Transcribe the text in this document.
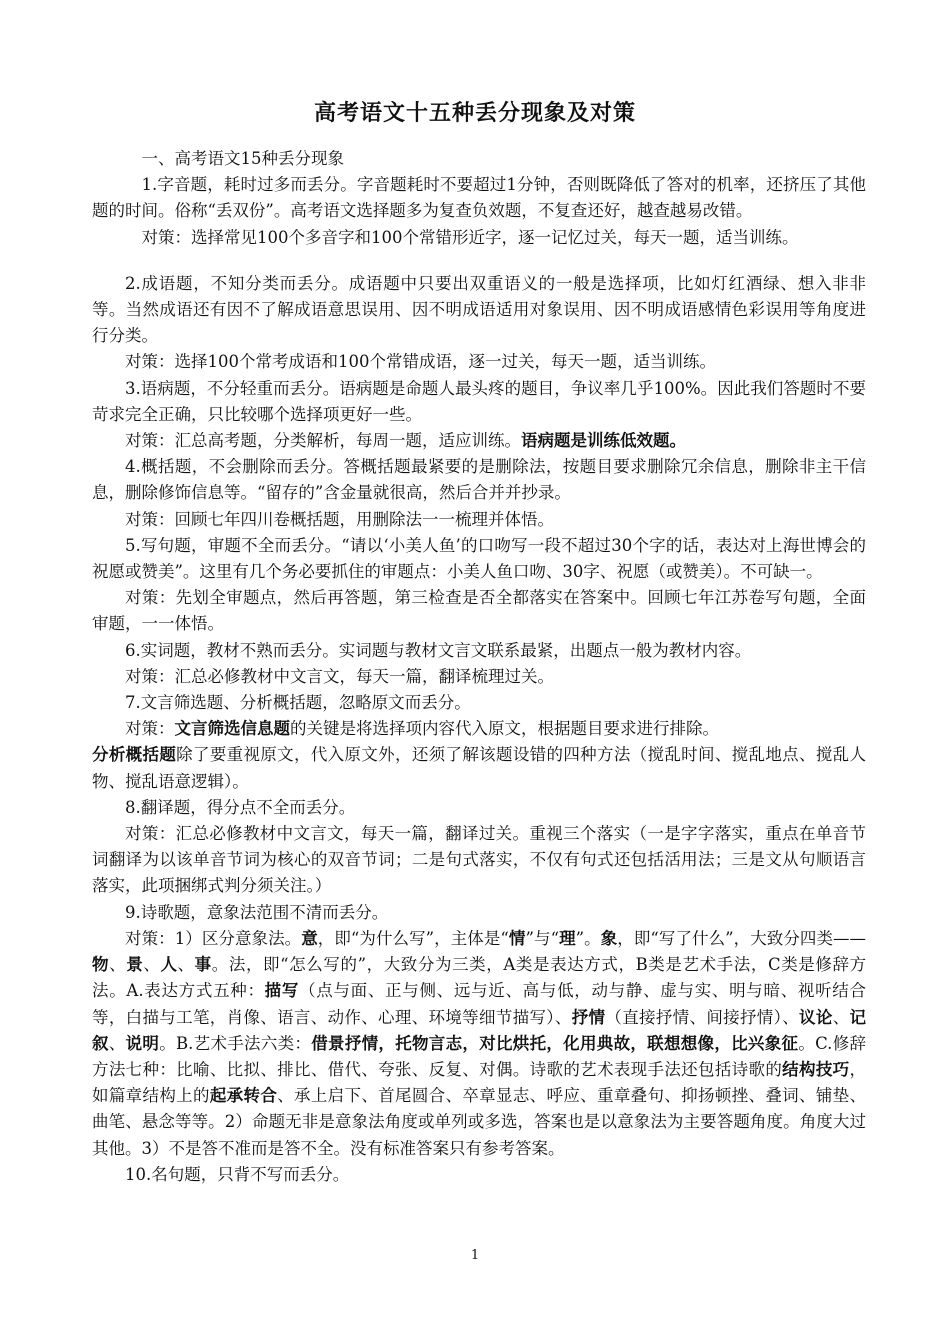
高考语文十五种丢分现象及对策

一、高考语文15种丢分现象

1.字音题，耗时过多而丢分。字音题耗时不要超过1分钟，否则既降低了答对的机率，还挤压了其他题的时间。俗称“丢双份”。高考语文选择题多为复查负效题，不复查还好，越查越易改错。

对策：选择常见100个多音字和100个常错形近字，逐一记忆过关，每天一题，适当训练。

2.成语题，不知分类而丢分。成语题中只要出双重语义的一般是选择项，比如灯红酒绿、想入非非等。当然成语还有因不了解成语意思误用、因不明成语适用对象误用、因不明成语感情色彩误用等角度进行分类。

对策：选择100个常考成语和100个常错成语，逐一过关，每天一题，适当训练。

3.语病题，不分轻重而丢分。语病题是命题人最头疼的题目，争议率几乎100%。因此我们答题时不要苛求完全正确，只比较哪个选择项更好一些。

对策：汇总高考题，分类解析，每周一题，适应训练。语病题是训练低效题。

4.概括题，不会删除而丢分。答概括题最紧要的是删除法，按题目要求删除冗余信息，删除非主干信息，删除修饰信息等。“留存的”含金量就很高，然后合并并抄录。

对策：回顾七年四川卷概括题，用删除法一一梳理并体悟。

5.写句题，审题不全而丢分。“请以‘小美人鱼’的口吻写一段不超过30个字的话，表达对上海世博会的祝愿或赞美”。这里有几个务必要抓住的审题点：小美人鱼口吻、30字、祝愿（或赞美）。不可缺一。

对策：先划全审题点，然后再答题，第三检查是否全都落实在答案中。回顾七年江苏卷写句题，全面审题，一一体悟。

6.实词题，教材不熟而丢分。实词题与教材文言文联系最紧，出题点一般为教材内容。

对策：汇总必修教材中文言文，每天一篇，翻译梳理过关。

7.文言筛选题、分析概括题，忽略原文而丢分。

对策：文言筛选信息题的关键是将选择项内容代入原文，根据题目要求进行排除。

分析概括题除了要重视原文，代入原文外，还须了解该题设错的四种方法（搅乱时间、搅乱地点、搅乱人物、搅乱语意逻辑）。

8.翻译题，得分点不全而丢分。

对策：汇总必修教材中文言文，每天一篇，翻译过关。重视三个落实（一是字字落实，重点在单音节词翻译为以该单音节词为核心的双音节词；二是句式落实，不仅有句式还包括活用法；三是文从句顺语言落实，此项捆绑式判分须关注。）

9.诗歌题，意象法范围不清而丢分。

对策：1）区分意象法。意，即“为什么写”，主体是“情”与“理”。象，即“写了什么”，大致分四类——物、景、人、事。法，即“怎么写的”，大致分为三类，A类是表达方式，B类是艺术手法，C类是修辞方法。A.表达方式五种：描写（点与面、正与侧、远与近、高与低，动与静、虚与实、明与暗、视听结合等，白描与工笔，肖像、语言、动作、心理、环境等细节描写）、抒情（直接抒情、间接抒情）、议论、记叙、说明。B.艺术手法六类：借景抒情，托物言志，对比烘托，化用典故，联想想像，比兴象征。C.修辞方法七种：比喻、比拟、排比、借代、夸张、反复、对偶。诗歌的艺术表现手法还包括诗歌的结构技巧，如篇章结构上的起承转合、承上启下、首尾圆合、卒章显志、呼应、重章叠句、抑扬顿挫、叠词、铺垫、曲笔、悬念等等。2）命题无非是意象法角度或单列或多选，答案也是以意象法为主要答题角度。角度大过其他。3）不是答不准而是答不全。没有标准答案只有参考答案。

10.名句题，只背不写而丢分。

1
